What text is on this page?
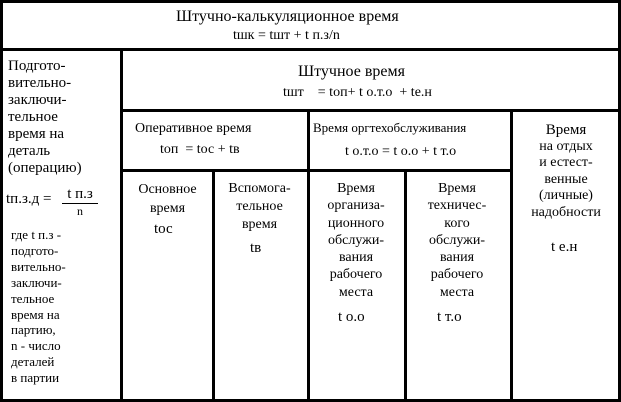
Штучно-калькуляционное время
tшк = tшт + t п.з/n
Подгото-
вительно-
заключи-
тельное
время на
деталь
(операцию)
tп.з.д =	t п.з
n
где t п.з -
подгото-
вительно-
заключи-
тельное
время на
партию,
n - число
деталей
в партии
Штучное время
tшт    = tоп+ t о.т.о  + tе.н
Оперативное время
tоп  = tос + tв
Время оргтехобслуживания
t о.т.о = t о.о + t т.о
Время
на отдых
и естест-
венные
(личные)
надобности
t е.н
Основное
время
tос
Вспомога-
тельное
время
tв
Время
организа-
ционного
обслужи-
вания
рабочего
места
t о.о
Время
техничес-
кого
обслужи-
вания
рабочего
места
t т.о
